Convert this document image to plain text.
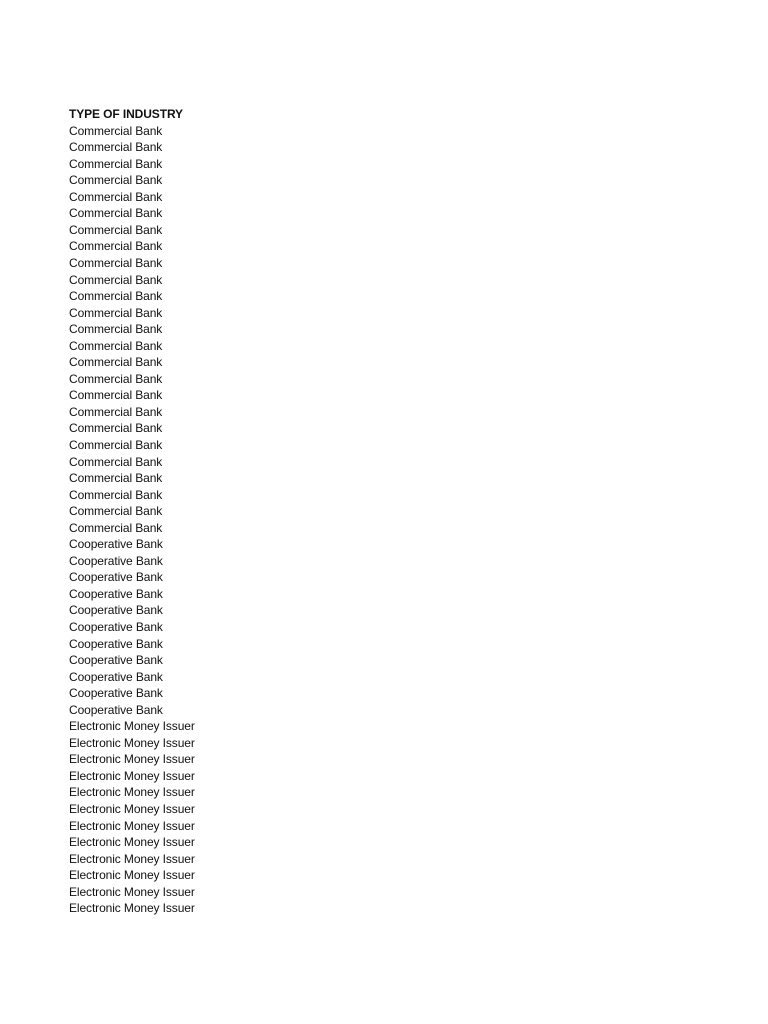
TYPE OF INDUSTRY
Commercial Bank
Commercial Bank
Commercial Bank
Commercial Bank
Commercial Bank
Commercial Bank
Commercial Bank
Commercial Bank
Commercial Bank
Commercial Bank
Commercial Bank
Commercial Bank
Commercial Bank
Commercial Bank
Commercial Bank
Commercial Bank
Commercial Bank
Commercial Bank
Commercial Bank
Commercial Bank
Commercial Bank
Commercial Bank
Commercial Bank
Commercial Bank
Commercial Bank
Cooperative Bank
Cooperative Bank
Cooperative Bank
Cooperative Bank
Cooperative Bank
Cooperative Bank
Cooperative Bank
Cooperative Bank
Cooperative Bank
Cooperative Bank
Cooperative Bank
Electronic Money Issuer
Electronic Money Issuer
Electronic Money Issuer
Electronic Money Issuer
Electronic Money Issuer
Electronic Money Issuer
Electronic Money Issuer
Electronic Money Issuer
Electronic Money Issuer
Electronic Money Issuer
Electronic Money Issuer
Electronic Money Issuer
